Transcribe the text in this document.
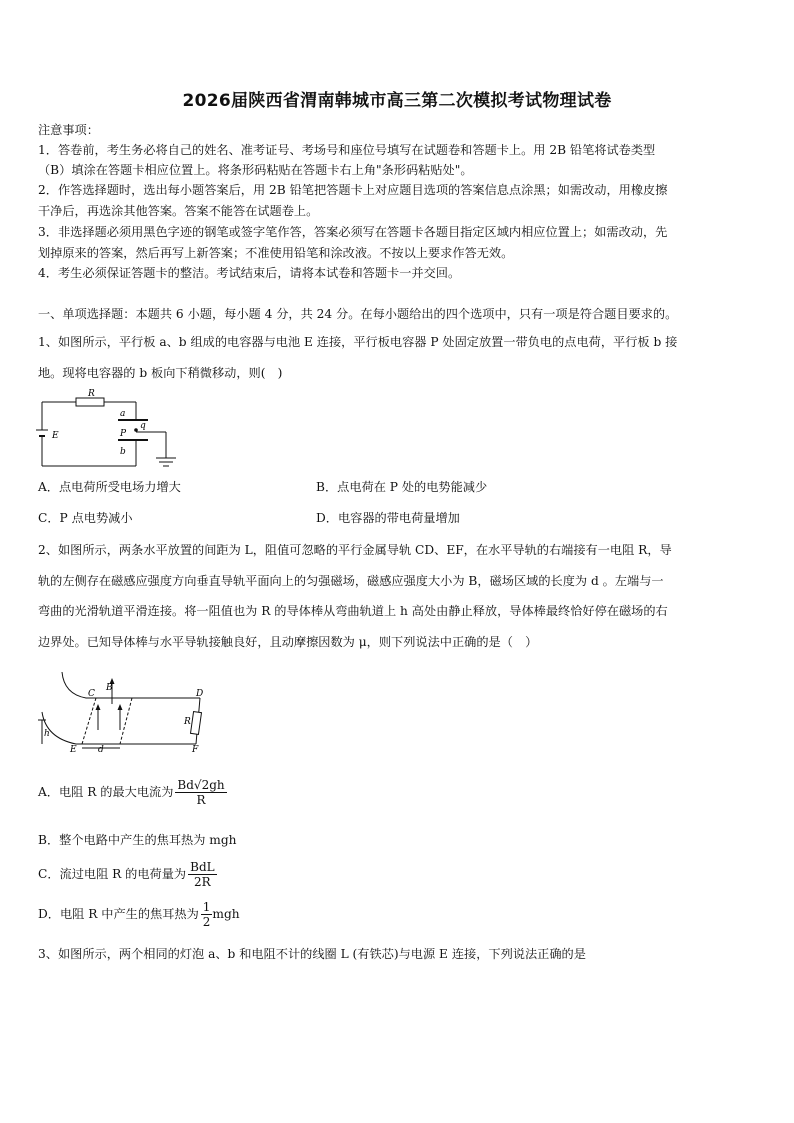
2026届陕西省渭南韩城市高三第二次模拟考试物理试卷
注意事项：
1．答卷前，考生务必将自己的姓名、准考证号、考场号和座位号填写在试题卷和答题卡上。用 2B 铅笔将试卷类型
（B）填涂在答题卡相应位置上。将条形码粘贴在答题卡右上角"条形码粘贴处"。
2．作答选择题时，选出每小题答案后，用 2B 铅笔把答题卡上对应题目选项的答案信息点涂黑；如需改动，用橡皮擦
干净后，再选涂其他答案。答案不能答在试题卷上。
3．非选择题必须用黑色字迹的钢笔或签字笔作答，答案必须写在答题卡各题目指定区域内相应位置上；如需改动，先
划掉原来的答案，然后再写上新答案；不准使用铅笔和涂改液。不按以上要求作答无效。
4．考生必须保证答题卡的整洁。考试结束后，请将本试卷和答题卡一并交回。
一、单项选择题：本题共 6 小题，每小题 4 分，共 24 分。在每小题给出的四个选项中，只有一项是符合题目要求的。
1、如图所示，平行板 a、b 组成的电容器与电池 E 连接，平行板电容器 P 处固定放置一带负电的点电荷，平行板 b 接
地。现将电容器的 b 板向下稍微移动，则(　)
R
a
P
q
b
E
A．点电荷所受电场力增大	B．点电荷在 P 处的电势能减少
C．P 点电势减小	D．电容器的带电荷量增加
2、如图所示，两条水平放置的间距为 L，阻值可忽略的平行金属导轨 CD、EF，在水平导轨的右端接有一电阻 R，导
轨的左侧存在磁感应强度方向垂直导轨平面向上的匀强磁场，磁感应强度大小为 B，磁场区域的长度为 d 。左端与一
弯曲的光滑轨道平滑连接。将一阻值也为 R 的导体棒从弯曲轨道上 h 高处由静止释放，导体棒最终恰好停在磁场的右
边界处。已知导体棒与水平导轨接触良好，且动摩擦因数为 μ，则下列说法中正确的是（　）
C
B
D
R
h
E d	F
A．电阻 R 的最大电流为 $\frac{Bd√2gh}{R}$
B．整个电路中产生的焦耳热为 mgh
C．流过电阻 R 的电荷量为 $\frac{\text{BdL}}{2R}$
D．电阻 R 中产生的焦耳热为 $\frac{1}{2}$ mgh
3、如图所示，两个相同的灯泡 a、b 和电阻不计的线圈 L (有铁芯)与电源 E 连接，下列说法正确的是
